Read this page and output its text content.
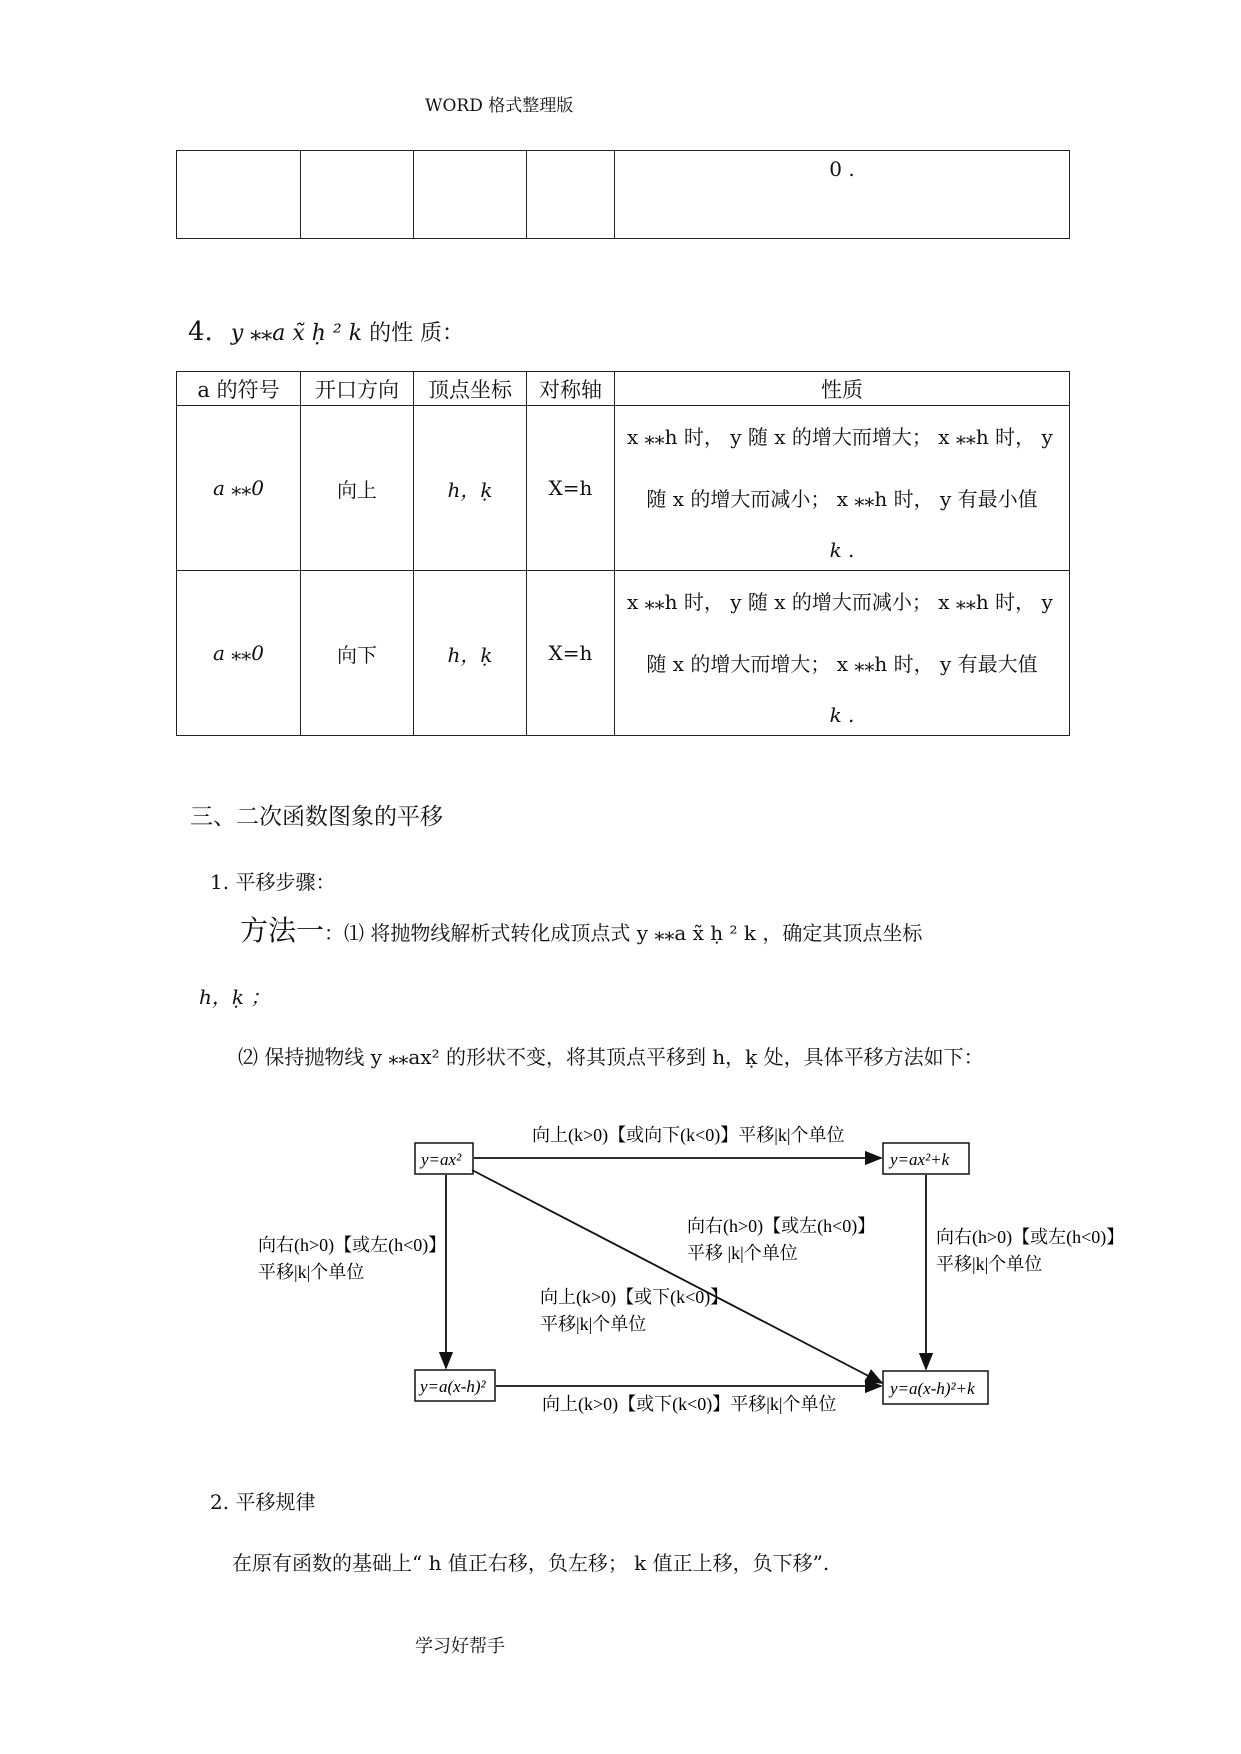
WORD 格式整理版
				0 .
4. y ⁎⁎a x̃ ḥ ² k 的性 质：
a 的符号	开口方向	顶点坐标	对称轴	性质
a ⁎⁎0	向上	h，ḳ	X=h	x ⁎⁎h 时， y 随 x 的增大而增大； x ⁎⁎h 时， y
随 x 的增大而减小； x ⁎⁎h 时， y 有最小值
k .

a ⁎⁎0	向下	h，ḳ	X=h	x ⁎⁎h 时， y 随 x 的增大而减小； x ⁎⁎h 时， y
随 x 的增大而增大； x ⁎⁎h 时， y 有最大值
k .
三、二次函数图象的平移
1. 平移步骤：
方法一：⑴ 将抛物线解析式转化成顶点式 y ⁎⁎a x̃ ḥ ² k ，确定其顶点坐标
h，ḳ ；
⑵ 保持抛物线 y ⁎⁎ax² 的形状不变，将其顶点平移到 h，ḳ 处，具体平移方法如下：
y=ax²	y=ax²+k
y=a(x-h)²	y=a(x-h)²+k
向上(k>0)【或向下(k<0)】平移|k|个单位
向上(k>0)【或下(k<0)】平移|k|个单位
向右(h>0)【或左(h<0)】
平移|k|个单位
向右(h>0)【或左(h<0)】
平移|k|个单位
向右(h>0)【或左(h<0)】
平移 |k|个单位
向上(k>0)【或下(k<0)】
平移|k|个单位
2. 平移规律
在原有函数的基础上“ h 值正右移，负左移； k 值正上移，负下移”.
学习好帮手
